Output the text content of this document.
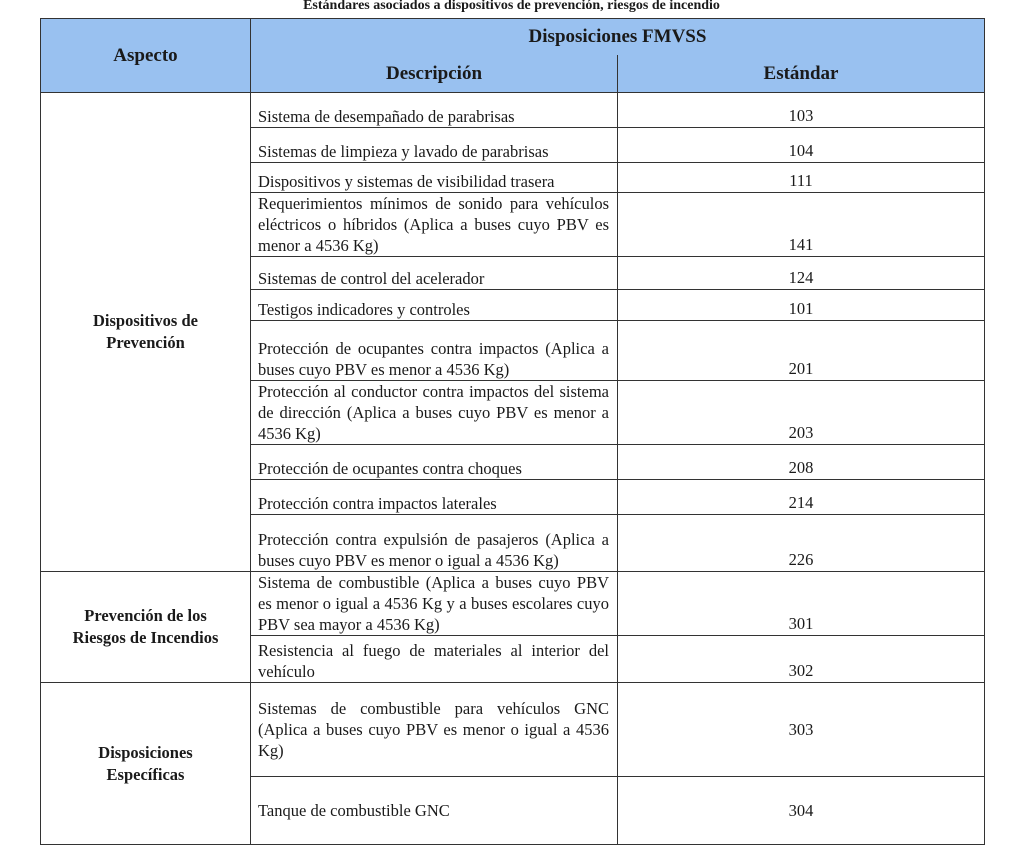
Estándares asociados a dispositivos de prevención, riesgos de incendio
Aspecto	Disposiciones FMVSS	
	Descripción	Estándar

Dispositivos de
Prevención	Sistema de desempañado de parabrisas	103
	Sistemas de limpieza y lavado de parabrisas	104
	Dispositivos y sistemas de visibilidad trasera	111
	Requerimientos mínimos de sonido para vehículos eléctricos o híbridos (Aplica a buses cuyo PBV es menor a 4536 Kg)	141
	Sistemas de control del acelerador	124
	Testigos indicadores y controles	101
	Protección de ocupantes contra impactos (Aplica a buses cuyo PBV es menor a 4536 Kg)	201
	Protección al conductor contra impactos del sistema de dirección (Aplica a buses cuyo PBV es menor a 4536 Kg)	203
	Protección de ocupantes contra choques	208
	Protección contra impactos laterales	214
	Protección contra expulsión de pasajeros (Aplica a buses cuyo PBV es menor o igual a 4536 Kg)	226

Prevención de los
Riesgos de Incendios	Sistema de combustible (Aplica a buses cuyo PBV es menor o igual a 4536 Kg y a buses escolares cuyo PBV sea mayor a 4536 Kg)	301
	Resistencia al fuego de materiales al interior del vehículo	302

Disposiciones
Específicas	Sistemas de combustible para vehículos GNC (Aplica a buses cuyo PBV es menor o igual a 4536 Kg)	303
	Tanque de combustible GNC	304
